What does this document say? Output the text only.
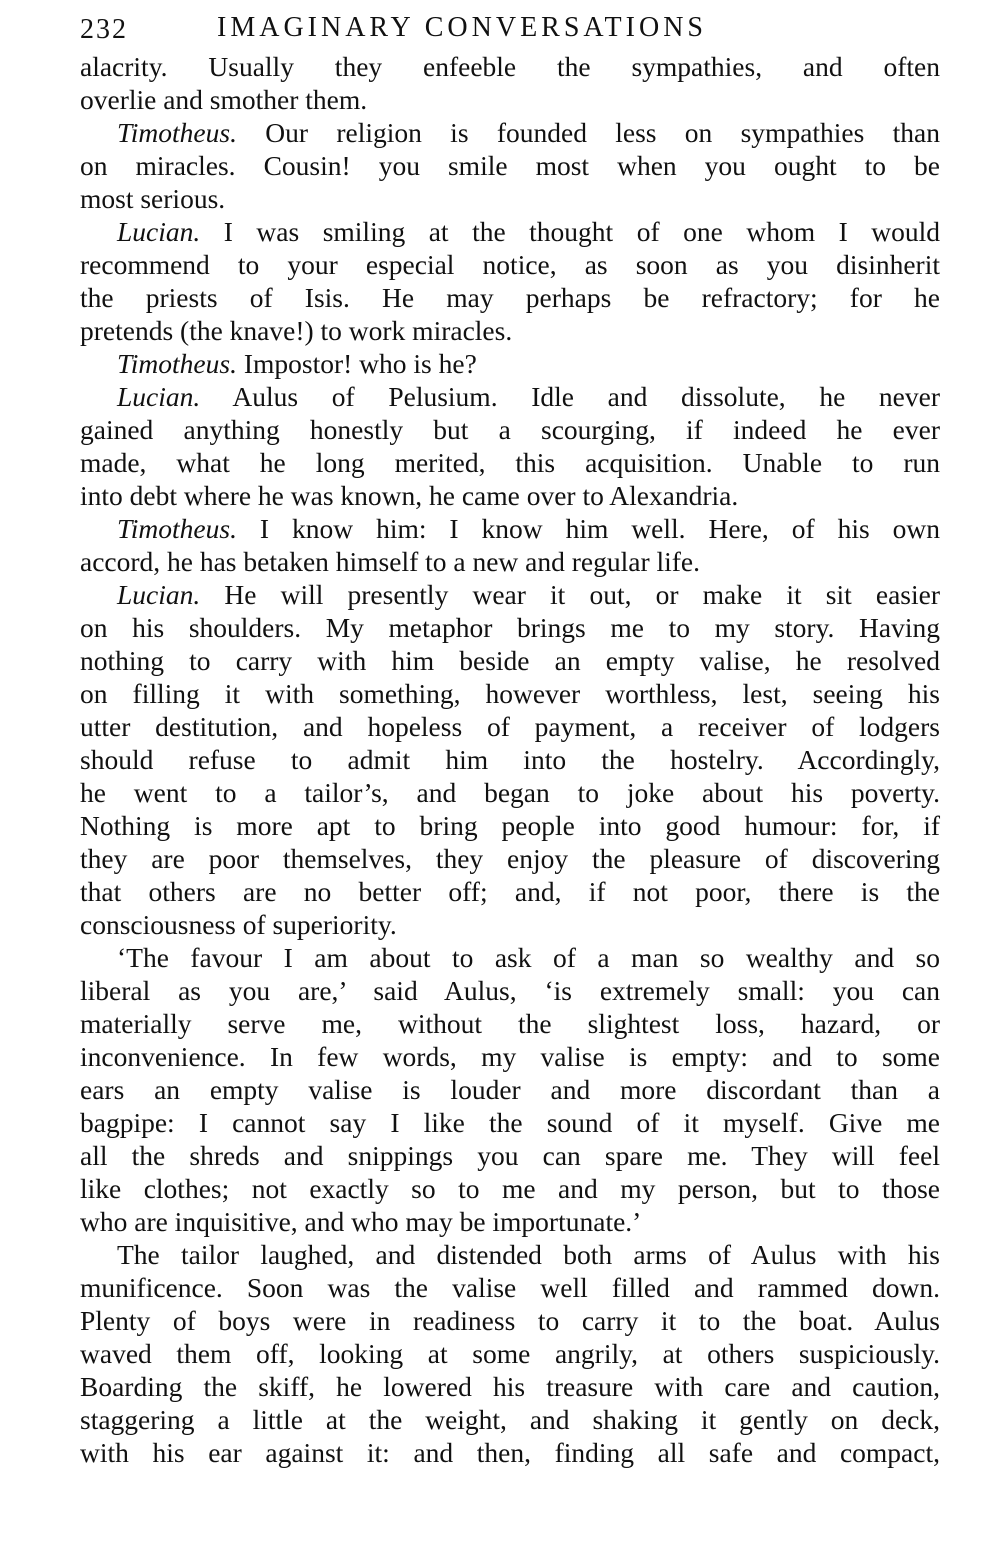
232	IMAGINARY CONVERSATIONS
alacrity. Usually they enfeeble the sympathies, and often
overlie and smother them.
Timotheus. Our religion is founded less on sympathies than
on miracles. Cousin! you smile most when you ought to be
most serious.
Lucian. I was smiling at the thought of one whom I would
recommend to your especial notice, as soon as you disinherit
the priests of Isis. He may perhaps be refractory; for he
pretends (the knave!) to work miracles.
Timotheus. Impostor! who is he?
Lucian. Aulus of Pelusium. Idle and dissolute, he never
gained anything honestly but a scourging, if indeed he ever
made, what he long merited, this acquisition. Unable to run
into debt where he was known, he came over to Alexandria.
Timotheus. I know him: I know him well. Here, of his own
accord, he has betaken himself to a new and regular life.
Lucian. He will presently wear it out, or make it sit easier
on his shoulders. My metaphor brings me to my story. Having
nothing to carry with him beside an empty valise, he resolved
on filling it with something, however worthless, lest, seeing his
utter destitution, and hopeless of payment, a receiver of lodgers
should refuse to admit him into the hostelry. Accordingly,
he went to a tailor’s, and began to joke about his poverty.
Nothing is more apt to bring people into good humour: for, if
they are poor themselves, they enjoy the pleasure of discovering
that others are no better off; and, if not poor, there is the
consciousness of superiority.
‘The favour I am about to ask of a man so wealthy and so
liberal as you are,’ said Aulus, ‘is extremely small: you can
materially serve me, without the slightest loss, hazard, or
inconvenience. In few words, my valise is empty: and to some
ears an empty valise is louder and more discordant than a
bagpipe: I cannot say I like the sound of it myself. Give me
all the shreds and snippings you can spare me. They will feel
like clothes; not exactly so to me and my person, but to those
who are inquisitive, and who may be importunate.’
The tailor laughed, and distended both arms of Aulus with his
munificence. Soon was the valise well filled and rammed down.
Plenty of boys were in readiness to carry it to the boat. Aulus
waved them off, looking at some angrily, at others suspiciously.
Boarding the skiff, he lowered his treasure with care and caution,
staggering a little at the weight, and shaking it gently on deck,
with his ear against it: and then, finding all safe and compact,
